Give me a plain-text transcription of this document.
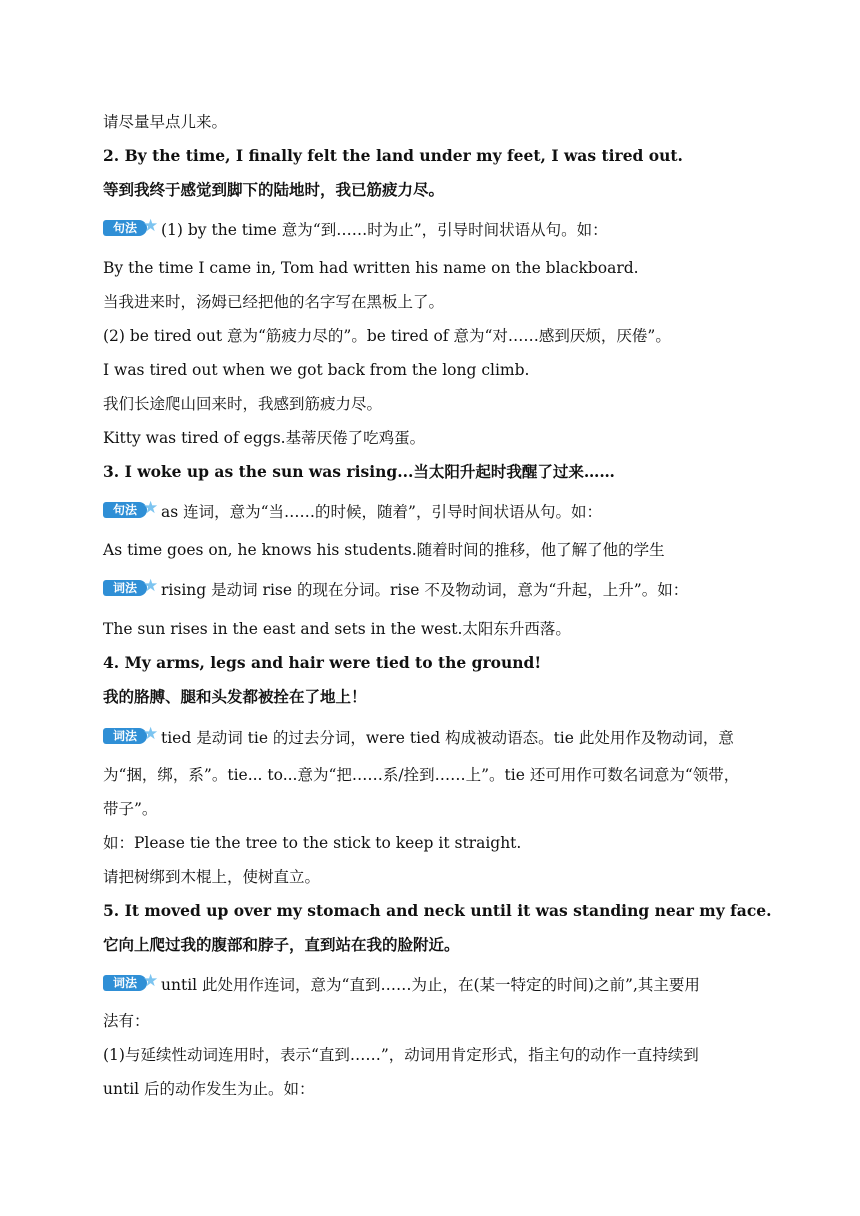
请尽量早点儿来。
2. By the time, I finally felt the land under my feet, I was tired out.
等到我终于感觉到脚下的陆地时，我已筋疲力尽。
句法 ★ (1) by the time 意为“到……时为止”，引导时间状语从句。如：
By the time I came in, Tom had written his name on the blackboard.
当我进来时，汤姆已经把他的名字写在黑板上了。
(2) be tired out 意为“筋疲力尽的”。be tired of 意为“对……感到厌烦，厌倦”。
I was tired out when we got back from the long climb.
我们长途爬山回来时，我感到筋疲力尽。
Kitty was tired of eggs.基蒂厌倦了吃鸡蛋。
3. I woke up as the sun was rising...当太阳升起时我醒了过来……
句法 ★ as 连词，意为“当……的时候，随着”，引导时间状语从句。如：
As time goes on, he knows his students.随着时间的推移，他了解了他的学生
词法 ★ rising 是动词 rise 的现在分词。rise 不及物动词，意为“升起，上升”。如：
The sun rises in the east and sets in the west.太阳东升西落。
4. My arms, legs and hair were tied to the ground!
我的胳膊、腿和头发都被拴在了地上！
词法 ★ tied 是动词 tie 的过去分词，were tied 构成被动语态。tie 此处用作及物动词，意
为“捆，绑，系”。tie... to...意为“把……系/拴到……上”。tie 还可用作可数名词意为“领带，
带子”。
如：Please tie the tree to the stick to keep it straight.
请把树绑到木棍上，使树直立。
5. It moved up over my stomach and neck until it was standing near my face.
它向上爬过我的腹部和脖子，直到站在我的脸附近。
词法 ★ until 此处用作连词，意为“直到……为止，在(某一特定的时间)之前”,其主要用
法有：
(1)与延续性动词连用时，表示“直到……”，动词用肯定形式，指主句的动作一直持续到
until 后的动作发生为止。如：
